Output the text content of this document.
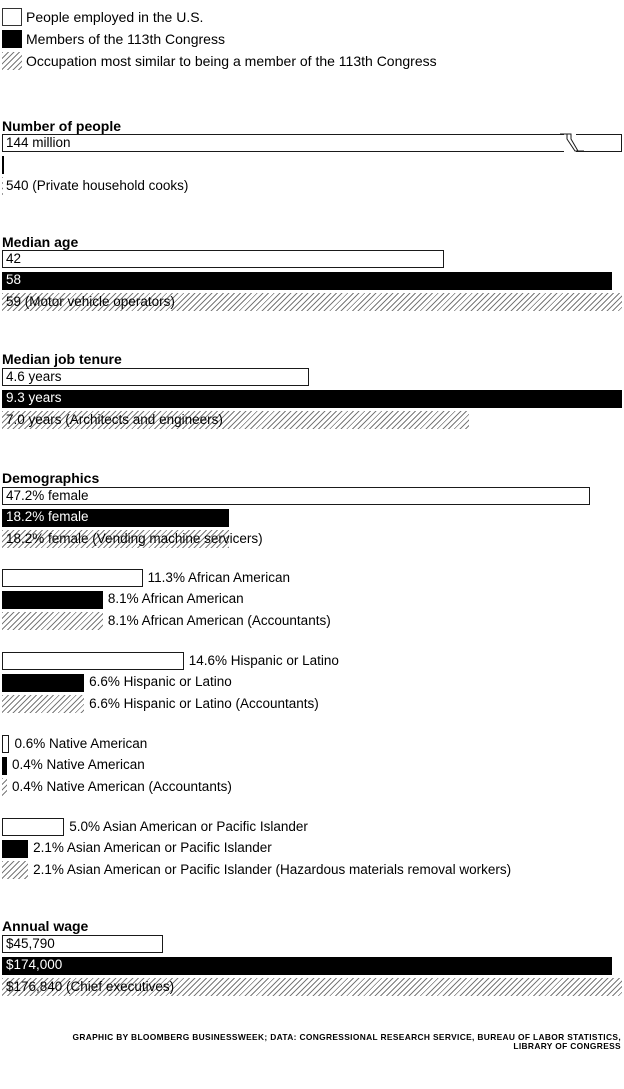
People employed in the U.S.
Members of the 113th Congress
Occupation most similar to being a member of the 113th Congress
Number of people
144 million
531
540 (Private household cooks)
Median age
42
58
59 (Motor vehicle operators)
Median job tenure
4.6 years
9.3 years
7.0 years (Architects and engineers)
Demographics
47.2% female
18.2% female
18.2% female (Vending machine servicers)
11.3% African American
8.1% African American
8.1% African American (Accountants)
14.6% Hispanic or Latino
6.6% Hispanic or Latino
6.6% Hispanic or Latino (Accountants)
0.6% Native American
0.4% Native American
0.4% Native American (Accountants)
5.0% Asian American or Pacific Islander
2.1% Asian American or Pacific Islander
2.1% Asian American or Pacific Islander (Hazardous materials removal workers)
Annual wage
$45,790
$174,000
$176,840 (Chief executives)
GRAPHIC BY BLOOMBERG BUSINESSWEEK; DATA: CONGRESSIONAL RESEARCH SERVICE, BUREAU OF LABOR STATISTICS,
LIBRARY OF CONGRESS
